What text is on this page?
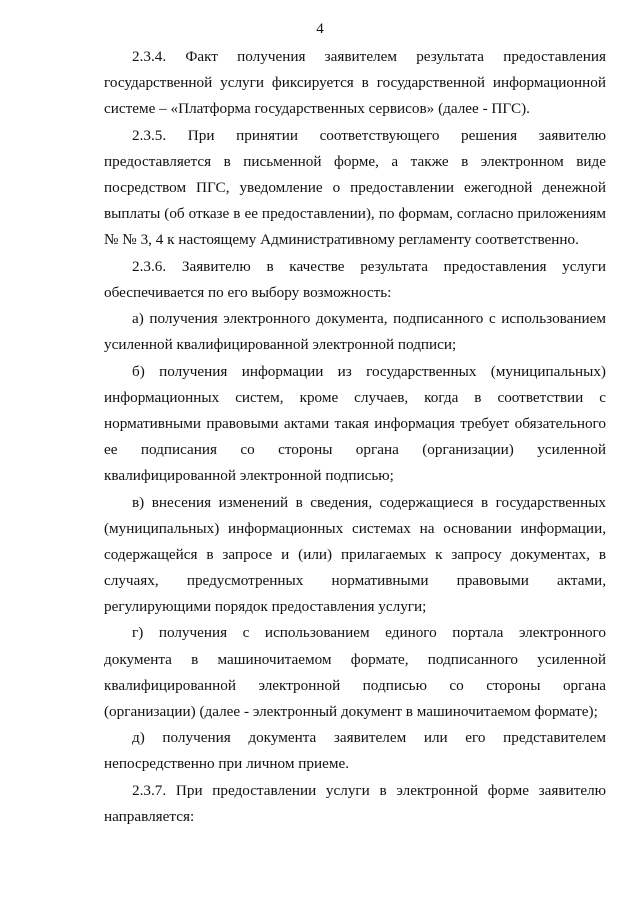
4

2.3.4. Факт получения заявителем результата предоставления государственной услуги фиксируется в государственной информационной системе – «Платформа государственных сервисов» (далее - ПГС).

2.3.5. При принятии соответствующего решения заявителю предоставляется в письменной форме, а также в электронном виде посредством ПГС, уведомление о предоставлении ежегодной денежной выплаты (об отказе в ее предоставлении), по формам, согласно приложениям № № 3, 4 к настоящему Административному регламенту соответственно.

2.3.6. Заявителю в качестве результата предоставления услуги обеспечивается по его выбору возможность:

а) получения электронного документа, подписанного с использованием усиленной квалифицированной электронной подписи;

б) получения информации из государственных (муниципальных) информационных систем, кроме случаев, когда в соответствии с нормативными правовыми актами такая информация требует обязательного ее подписания со стороны органа (организации) усиленной квалифицированной электронной подписью;

в) внесения изменений в сведения, содержащиеся в государственных (муниципальных) информационных системах на основании информации, содержащейся в запросе и (или) прилагаемых к запросу документах, в случаях, предусмотренных нормативными правовыми актами, регулирующими порядок предоставления услуги;

г) получения с использованием единого портала электронного документа в машиночитаемом формате, подписанного усиленной квалифицированной электронной подписью со стороны органа (организации) (далее - электронный документ в машиночитаемом формате);

д) получения документа заявителем или его представителем непосредственно при личном приеме.

2.3.7. При предоставлении услуги в электронной форме заявителю направляется:
